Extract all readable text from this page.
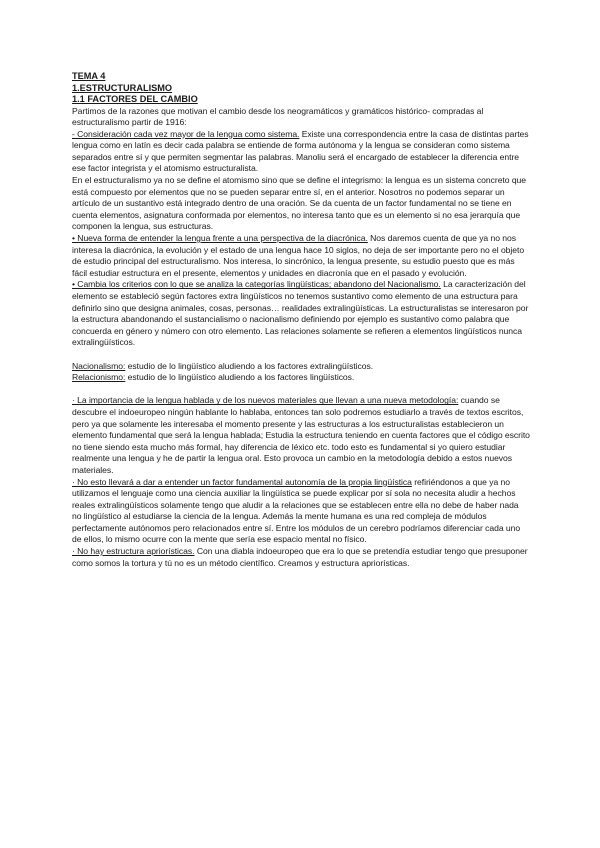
TEMA 4
1.ESTRUCTURALISMO
1.1 FACTORES DEL CAMBIO

Partimos de la razones que motivan el cambio desde los neogramáticos y gramáticos histórico- compradas al estructuralismo partir de 1916:

- Consideración cada vez mayor de la lengua como sistema. Existe una correspondencia entre la casa de distintas partes lengua como en latín es decir cada palabra se entiende de forma autónoma y la lengua se consideran como sistema separados entre sí y que permiten segmentar las palabras. Manoliu será el encargado de establecer la diferencia entre ese factor integrista y el atomismo estructuralista.

En el estructuralismo ya no se define el atomismo sino que se define el integrismo: la lengua es un sistema concreto que está compuesto por elementos que no se pueden separar entre sí, en el anterior. Nosotros no podemos separar un artículo de un sustantivo está integrado dentro de una oración. Se da cuenta de un factor fundamental no se tiene en cuenta elementos, asignatura conformada por elementos, no interesa tanto que es un elemento si no esa jerarquía que componen la lengua, sus estructuras.

• Nueva forma de entender la lengua frente a una perspectiva de la diacrónica. Nos daremos cuenta de que ya no nos interesa la diacrónica, la evolución y el estado de una lengua hace 10 siglos, no deja de ser importante pero no el objeto de estudio principal del estructuralismo. Nos interesa, lo sincrónico, la lengua presente, su estudio puesto que es más fácil estudiar estructura en el presente, elementos y unidades en diacronía que en el pasado y evolución.

• Cambia los criterios con lo que se analiza la categorías lingüísticas; abandono del Nacionalismo. La caracterización del elemento se estableció según factores extra lingüísticos no tenemos sustantivo como elemento de una estructura para definirlo sino que designa animales, cosas, personas… realidades extralingüísticas. La estructuralistas se interesaron por la estructura abandonando el sustancialismo o nacionalismo definiendo por ejemplo es sustantivo como palabra que concuerda en género y número con otro elemento. Las relaciones solamente se refieren a elementos lingüísticos nunca extralingüísticos.

Nacionalismo: estudio de lo lingüístico aludiendo a los factores extralingüísticos.

Relacionismo: estudio de lo lingüístico aludiendo a los factores lingüísticos.

· La importancia de la lengua hablada y de los nuevos materiales que llevan a una nueva metodología: cuando se descubre el indoeuropeo ningún hablante lo hablaba, entonces tan solo podremos estudiarlo a través de textos escritos, pero ya que solamente les interesaba el momento presente y las estructuras a los estructuralistas establecieron un elemento fundamental que será la lengua hablada; Estudia la estructura teniendo en cuenta factores que el código escrito no tiene siendo esta mucho más formal, hay diferencia de léxico etc. todo esto es fundamental si yo quiero estudiar realmente una lengua y he de partir la lengua oral. Esto provoca un cambio en la metodología debido a estos nuevos materiales.

· No esto llevará a dar a entender un factor fundamental autonomía de la propia lingüística refiriéndonos a que ya no utilizamos el lenguaje como una ciencia auxiliar la lingüística se puede explicar por sí sola no necesita aludir a hechos reales extralingüísticos solamente tengo que aludir a la relaciones que se establecen entre ella no debe de haber nada no lingüístico al estudiarse la ciencia de la lengua. Además la mente humana es una red compleja de módulos perfectamente autónomos pero relacionados entre sí. Entre los módulos de un cerebro podríamos diferenciar cada uno de ellos, lo mismo ocurre con la mente que sería ese espacio mental no físico.

· No hay estructura apriorísticas. Con una diabla indoeuropeo que era lo que se pretendía estudiar tengo que presuponer como somos la tortura y tú no es un método científico. Creamos y estructura apriorísticas.
